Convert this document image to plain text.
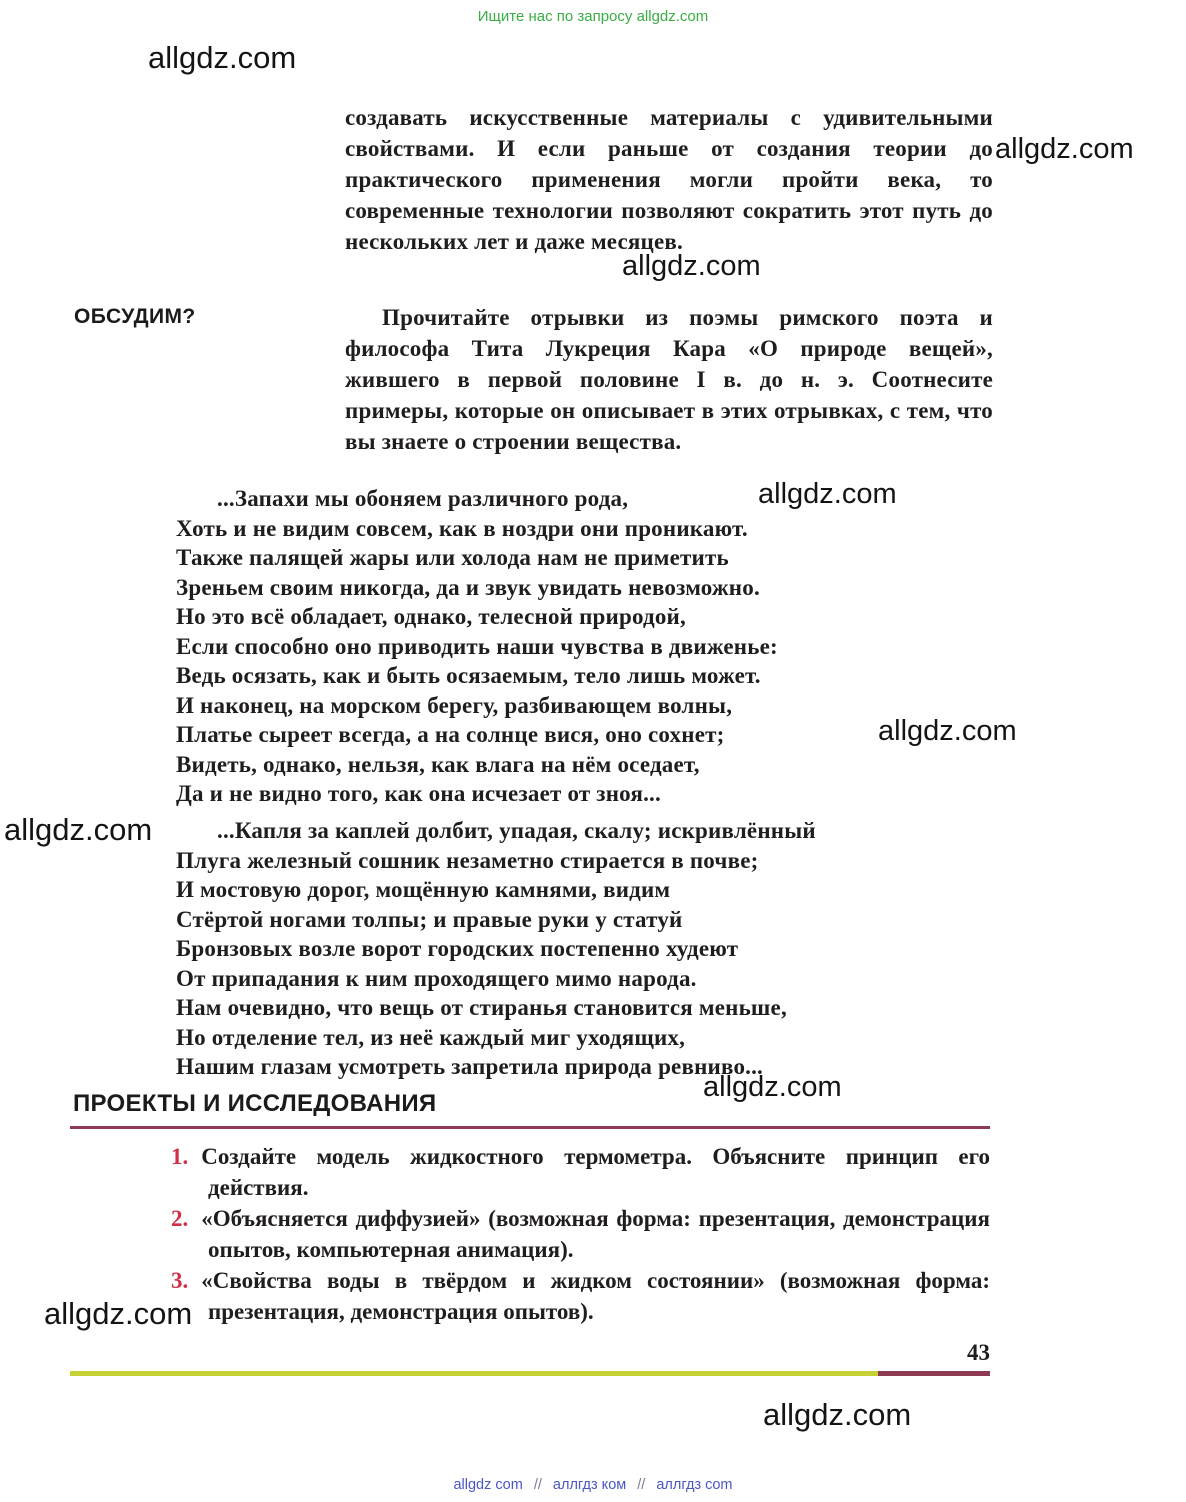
Ищите нас по запросу allgdz.com
allgdz.com
allgdz.com
allgdz.com
allgdz.com
allgdz.com
allgdz.com
allgdz.com
allgdz.com
allgdz.com
создавать искусственные материалы с удивительными свойствами. И если раньше от создания теории до практического применения могли пройти века, то современные технологии позволяют сократить этот путь до нескольких лет и даже месяцев.
ОБСУДИМ?	Прочитайте отрывки из поэмы римского поэта и философа Тита Лукреция Кара «О природе вещей», жившего в первой половине I в. до н. э. Соотнесите примеры, которые он описывает в этих отрывках, с тем, что вы знаете о строении вещества.
...Запахи мы обоняем различного рода,
Хоть и не видим совсем, как в ноздри они проникают.
Также палящей жары или холода нам не приметить
Зреньем своим никогда, да и звук увидать невозможно.
Но это всё обладает, однако, телесной природой,
Если способно оно приводить наши чувства в движенье:
Ведь осязать, как и быть осязаемым, тело лишь может.
И наконец, на морском берегу, разбивающем волны,
Платье сыреет всегда, а на солнце вися, оно сохнет;
Видеть, однако, нельзя, как влага на нём оседает,
Да и не видно того, как она исчезает от зноя...
...Капля за каплей долбит, упадая, скалу; искривлённый
Плуга железный сошник незаметно стирается в почве;
И мостовую дорог, мощённую камнями, видим
Стёртой ногами толпы; и правые руки у статуй
Бронзовых возле ворот городских постепенно худеют
От припадания к ним проходящего мимо народа.
Нам очевидно, что вещь от стиранья становится меньше,
Но отделение тел, из неё каждый миг уходящих,
Нашим глазам усмотреть запретила природа ревниво...
ПРОЕКТЫ И ИССЛЕДОВАНИЯ
1. Создайте модель жидкостного термометра. Объясните принцип его действия.
2. «Объясняется диффузией» (возможная форма: презентация, демонстрация опытов, компьютерная анимация).
3. «Свойства воды в твёрдом и жидком состоянии» (возможная форма: презентация, демонстрация опытов).
43
allgdz com // аллгдз ком // аллгдз com
